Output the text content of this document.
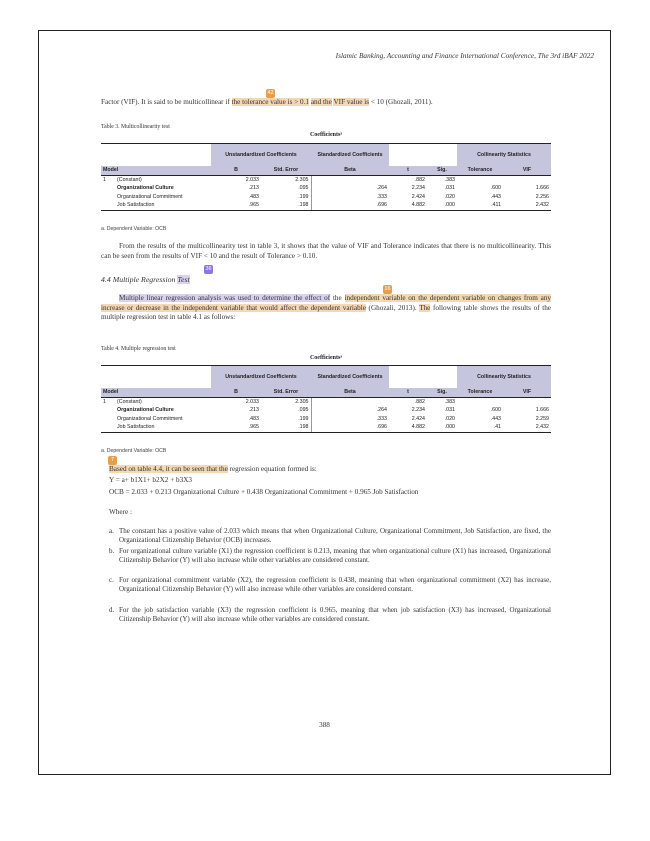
Islamic Banking, Accounting and Finance International Conference, The 3rd iBAF 2022
42
Factor (VIF). It is said to be multicollinear if the tolerance value is > 0.1 and the VIF value is < 10 (Ghozali, 2011).
Table 3. Multicollinearity test
Coefficientsᵃ
		Unstandardized Coefficients		Standardized Coefficients			Collinearity Statistics	
Model		B	Std. Error	Beta	t	Sig.	Tolerance	VIF
1	(Constant)	2.033	2.305		.882	.383		
	Organizational Culture	.213	.095	.264	2.234	.031	.600	1.666
	Organizational Commitment	.483	.199	.333	2.424	.020	.443	2.256
	Job Satisfaction	.965	.198	.696	4.882	.000	.411	2.432
a. Dependent Variable: OCB
From the results of the multicollinearity test in table 3, it shows that the value of VIF and Tolerance indicates that there is no multicollinearity. This can be seen from the results of VIF < 10 and the result of Tolerance > 0.10.
36
4.4 Multiple Regression Test
16
Multiple linear regression analysis was used to determine the effect of the independent variable on the dependent variable on changes from any increase or decrease in the independent variable that would affect the dependent variable (Ghozali, 2013). The following table shows the results of the multiple regression test in table 4.1 as follows:
Table 4. Multiple regression test
Coefficientsᵃ
		Unstandardized Coefficients		Standardized Coefficients			Collinearity Statistics	
Model		B	Std. Error	Beta	t	Sig.	Tolerance	VIF
1	(Constant)	2.033	2.305		.882	.383		
	Organizational Culture	.213	.095	.264	2.234	.031	.600	1.666
	Organizational Commitment	.483	.199	.333	2.424	.020	.443	2.259
	Job Satisfaction	.965	.198	.696	4.882	.000	.41	2.432
a. Dependent Variable: OCB
7
Based on table 4.4, it can be seen that the regression equation formed is:
Y = a+ b1X1+ b2X2 + b3X3
OCB = 2.033 + 0.213 Organizational Culture + 0.438 Organizational Commitment + 0.965 Job Satisfaction
Where :
a. The constant has a positive value of 2.033 which means that when Organizational Culture, Organizational Commitment, Job Satisfaction, are fixed, the Organizational Citizenship Behavior (OCB) increases.
b. For organizational culture variable (X1) the regression coefficient is 0.213, meaning that when organizational culture (X1) has increased, Organizational Citizenship Behavior (Y) will also increase while other variables are considered constant.
c. For organizational commitment variable (X2), the regression coefficient is 0.438, meaning that when organizational commitment (X2) has increase, Organizational Citizenship Behavior (Y) will also increase while other variables are considered constant.
d. For the job satisfaction variable (X3) the regression coefficient is 0.965, meaning that when job satisfaction (X3) has increased, Organizational Citizenship Behavior (Y) will also increase while other variables are considered constant.
388
